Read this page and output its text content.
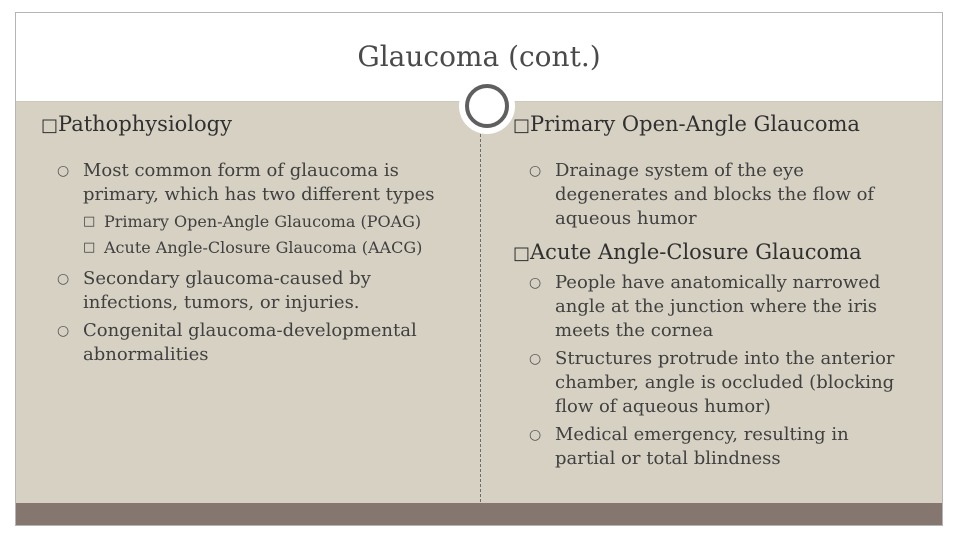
Glaucoma (cont.)
□Pathophysiology
○ Most common form of glaucoma is primary, which has two different types
□ Primary Open-Angle Glaucoma (POAG)
□ Acute Angle-Closure Glaucoma (AACG)
○ Secondary glaucoma-caused by infections, tumors, or injuries.
○ Congenital glaucoma-developmental abnormalities
□Primary Open-Angle Glaucoma
○ Drainage system of the eye degenerates and blocks the flow of aqueous humor
□Acute Angle-Closure Glaucoma
○ People have anatomically narrowed angle at the junction where the iris meets the cornea
○ Structures protrude into the anterior chamber, angle is occluded (blocking flow of aqueous humor)
○ Medical emergency, resulting in partial or total blindness
